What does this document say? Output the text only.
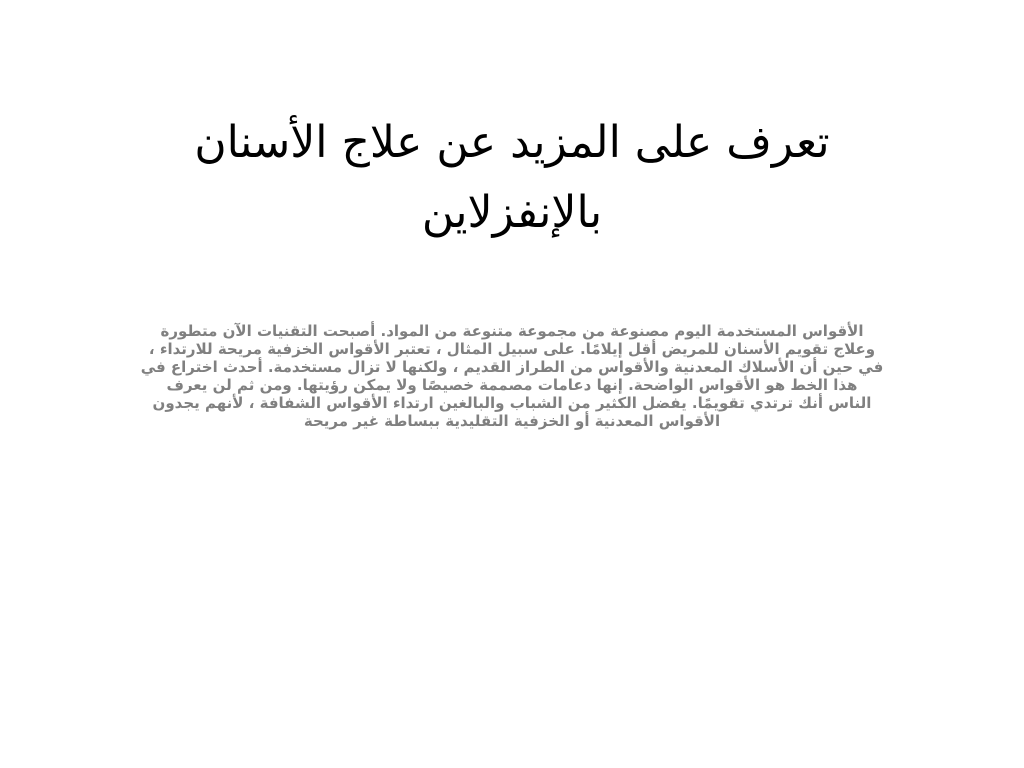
تعرف على المزيد عن علاج الأسنان
بالإنفزلاين
الأقواس المستخدمة اليوم مصنوعة من مجموعة متنوعة من المواد. أصبحت التقنيات الآن متطورة
وعلاج تقويم الأسنان للمريض أقل إيلامًا. على سبيل المثال ، تعتبر الأقواس الخزفية مريحة للارتداء ،
في حين أن الأسلاك المعدنية والأقواس من الطراز القديم ، ولكنها لا تزال مستخدمة. أحدث اختراع في
هذا الخط هو الأقواس الواضحة. إنها دعامات مصممة خصيصًا ولا يمكن رؤيتها. ومن ثم لن يعرف
الناس أنك ترتدي تقويمًا. يفضل الكثير من الشباب والبالغين ارتداء الأقواس الشفافة ، لأنهم يجدون
الأقواس المعدنية أو الخزفية التقليدية ببساطة غير مريحة
